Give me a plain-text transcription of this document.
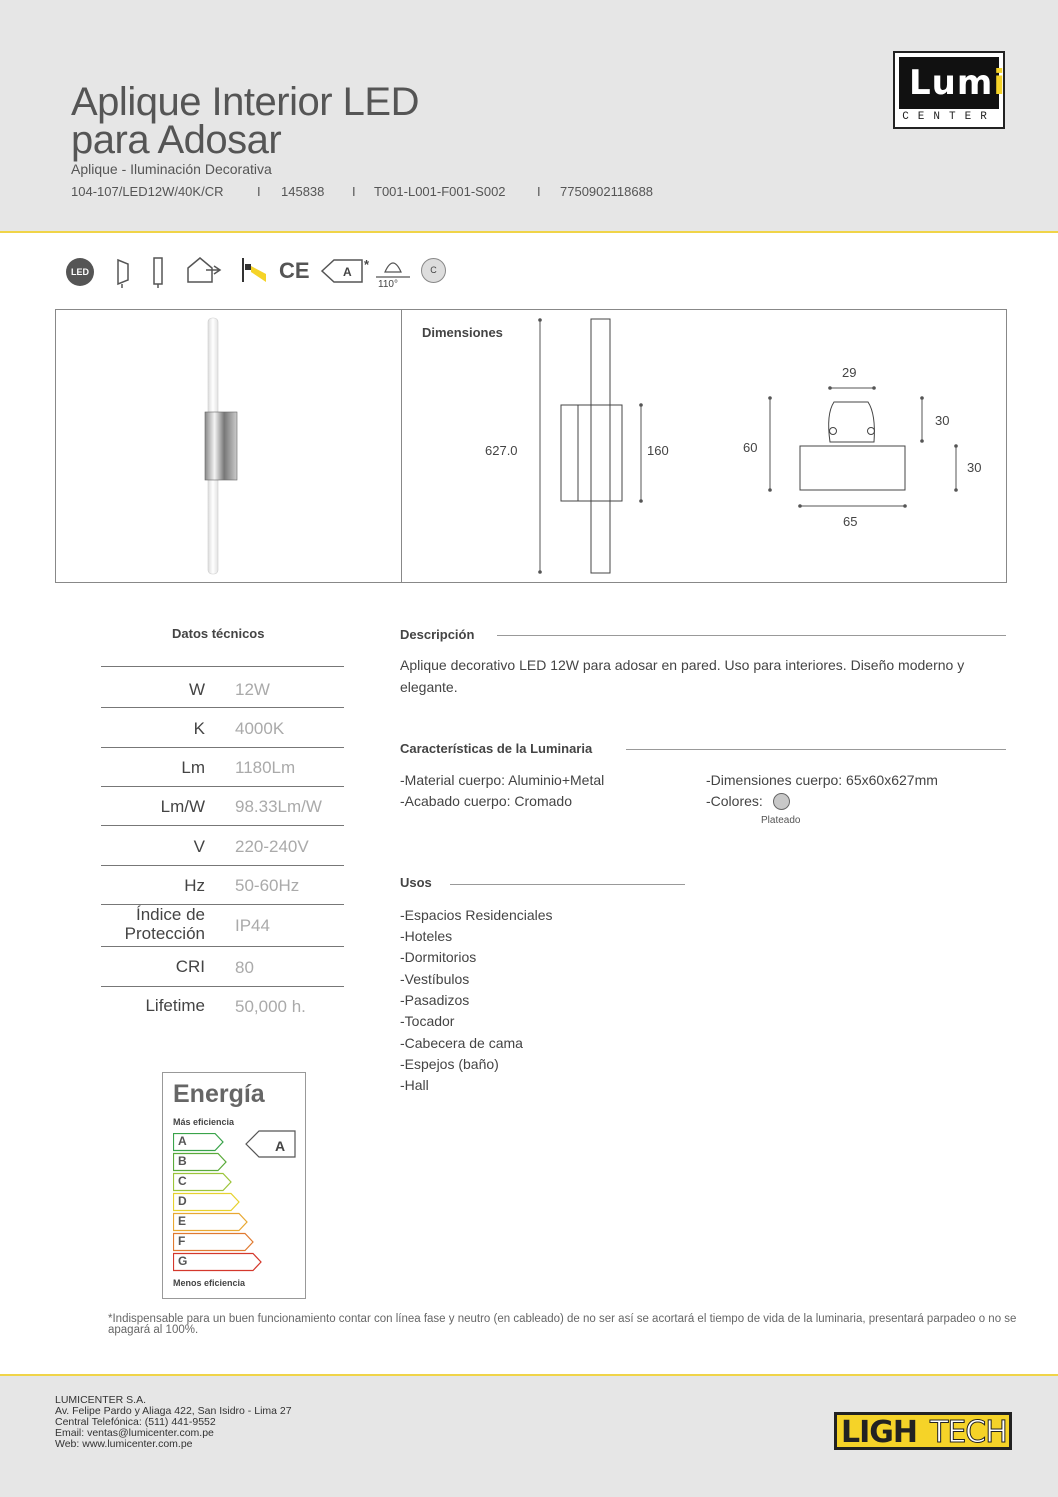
Aplique Interior LED
para Adosar
Aplique - Iluminación Decorativa
104-107/LED12W/40K/CR	I 145838 I T001-L001-F001-S002 I 7750902118688
Lumi
CENTER
LED	CE	A *
110°
C
Dimensiones
627.0	160
29
60
30
30
65
Datos técnicos
W 12W
K 4000K
Lm 1180Lm
Lm/W 98.33Lm/W
V 220-240V
Hz 50-60Hz
Índice de
Protección IP44
CRI 80
Lifetime 50,000 h.
Energía
Más eficiencia
A
B
C
D
E
F
G
A
Menos eficiencia
Descripción
Aplique decorativo LED 12W para adosar en pared. Uso para interiores. Diseño moderno y elegante.
Características de la Luminaria
-Material cuerpo: Aluminio+Metal
-Acabado cuerpo: Cromado
-Dimensiones cuerpo: 65x60x627mm
-Colores:
Plateado
Usos
-Espacios Residenciales
-Hoteles
-Dormitorios
-Vestíbulos
-Pasadizos
-Tocador
-Cabecera de cama
-Espejos (baño)
-Hall
*Indispensable para un buen funcionamiento contar con línea fase y neutro (en cableado) de no ser así se acortará el tiempo de vida de la luminaria, presentará parpadeo o no se apagará al 100%.
LUMICENTER S.A.
Av. Felipe Pardo y Aliaga 422, San Isidro - Lima 27
Central Telefónica: (511) 441-9552
Email: ventas@lumicenter.com.pe
Web: www.lumicenter.com.pe	LIGH TECH
